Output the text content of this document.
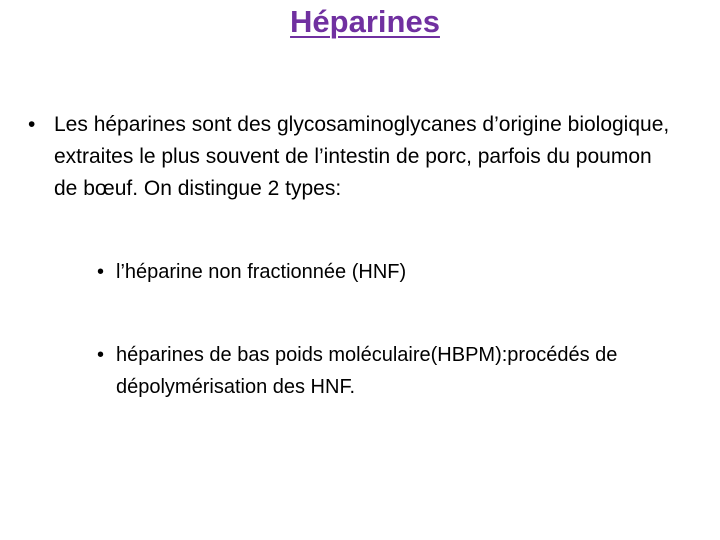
Héparines
• Les héparines sont des glycosaminoglycanes d’origine biologique, extraites le plus souvent de l’intestin de porc, parfois du poumon de bœuf. On distingue 2 types:
• l’héparine non fractionnée (HNF)
• héparines de bas poids moléculaire(HBPM):procédés de dépolymérisation des HNF.
